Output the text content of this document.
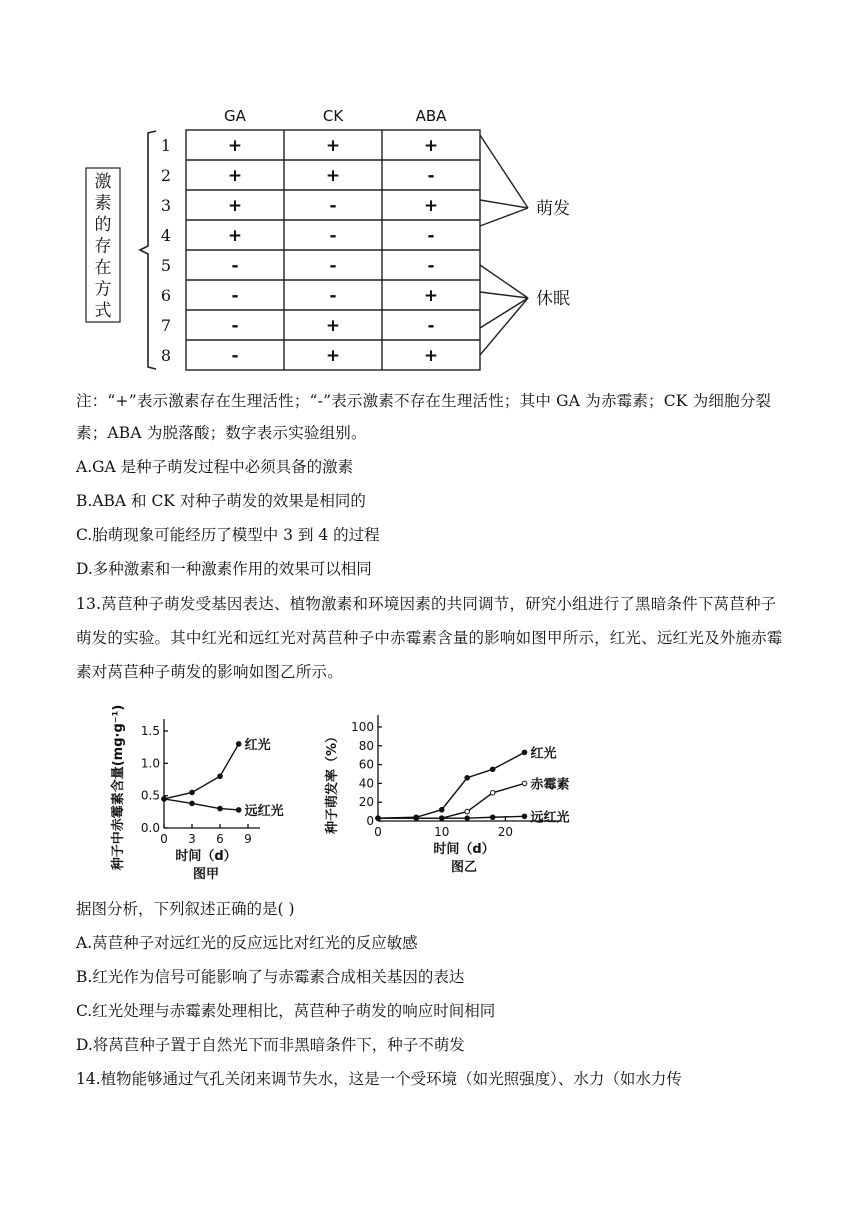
GA	CK	ABA
1	+	+	+
2	+	+	-
3	+	-	+
4	+	-	-
5	-	-	-
6	-	-	+
7	-	+	-
8	-	+	+
激
素
的
存
在
方
式
萌发
休眠
注：“+”表示激素存在生理活性；“-”表示激素不存在生理活性；其中 GA 为赤霉素；CK 为细胞分裂素；ABA 为脱落酸；数字表示实验组别。
A.GA 是种子萌发过程中必须具备的激素
B.ABA 和 CK 对种子萌发的效果是相同的
C.胎萌现象可能经历了模型中 3 到 4 的过程
D.多种激素和一种激素作用的效果可以相同
13.莴苣种子萌发受基因表达、植物激素和环境因素的共同调节，研究小组进行了黑暗条件下莴苣种子萌发的实验。其中红光和远红光对莴苣种子中赤霉素含量的影响如图甲所示，红光、远红光及外施赤霉素对莴苣种子萌发的影响如图乙所示。
0.0
0.5
1.0
1.5
0 3 6 9
时间（d）
图甲
种子中赤霉素含量(mg·g⁻¹)	红光
远红光
0
20
40
60
80
100
0	10	20
时间（d）
图乙
种子萌发率（%）	红光
赤霉素
远红光
据图分析，下列叙述正确的是( )
A.莴苣种子对远红光的反应远比对红光的反应敏感
B.红光作为信号可能影响了与赤霉素合成相关基因的表达
C.红光处理与赤霉素处理相比，莴苣种子萌发的响应时间相同
D.将莴苣种子置于自然光下而非黑暗条件下，种子不萌发
14.植物能够通过气孔关闭来调节失水，这是一个受环境（如光照强度）、水力（如水力传
